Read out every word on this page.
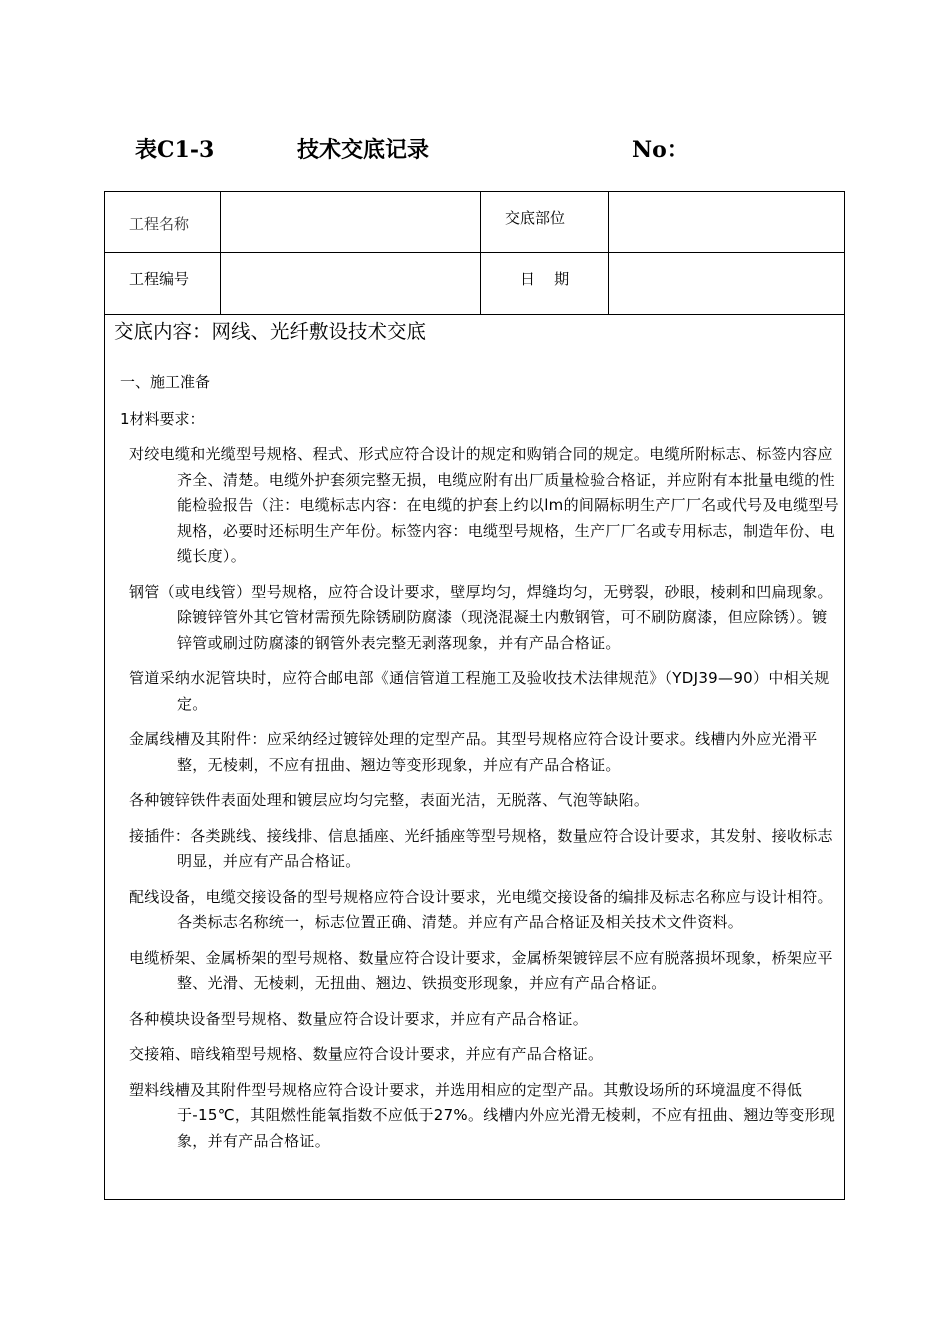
表C1-3	技术交底记录	No：
工程名称	交底部位
工程编号	日    期
交底内容：网线、光纤敷设技术交底
一、施工准备
1材料要求：

对绞电缆和光缆型号规格、程式、形式应符合设计的规定和购销合同的规定。电缆所附标志、标签内容应齐全、清楚。电缆外护套须完整无损，电缆应附有出厂质量检验合格证，并应附有本批量电缆的性能检验报告（注：电缆标志内容：在电缆的护套上约以lm的间隔标明生产厂厂名或代号及电缆型号规格，必要时还标明生产年份。标签内容：电缆型号规格，生产厂厂名或专用标志，制造年份、电缆长度）。

钢管（或电线管）型号规格，应符合设计要求，壁厚均匀，焊缝均匀，无劈裂，砂眼，棱刺和凹扁现象。除镀锌管外其它管材需预先除锈刷防腐漆（现浇混凝土内敷钢管，可不刷防腐漆，但应除锈）。镀锌管或刷过防腐漆的钢管外表完整无剥落现象，并有产品合格证。

管道采纳水泥管块时，应符合邮电部《通信管道工程施工及验收技术法律规范》（YDJ39—90）中相关规定。

金属线槽及其附件：应采纳经过镀锌处理的定型产品。其型号规格应符合设计要求。线槽内外应光滑平整，无棱刺，不应有扭曲、翘边等变形现象，并应有产品合格证。

各种镀锌铁件表面处理和镀层应均匀完整，表面光洁，无脱落、气泡等缺陷。

接插件：各类跳线、接线排、信息插座、光纤插座等型号规格，数量应符合设计要求，其发射、接收标志明显，并应有产品合格证。

配线设备，电缆交接设备的型号规格应符合设计要求，光电缆交接设备的编排及标志名称应与设计相符。各类标志名称统一，标志位置正确、清楚。并应有产品合格证及相关技术文件资料。

电缆桥架、金属桥架的型号规格、数量应符合设计要求，金属桥架镀锌层不应有脱落损坏现象，桥架应平整、光滑、无棱刺，无扭曲、翘边、铁损变形现象，并应有产品合格证。

各种模块设备型号规格、数量应符合设计要求，并应有产品合格证。

交接箱、暗线箱型号规格、数量应符合设计要求，并应有产品合格证。

塑料线槽及其附件型号规格应符合设计要求，并选用相应的定型产品。其敷设场所的环境温度不得低于-15℃，其阻燃性能氧指数不应低于27%。线槽内外应光滑无棱刺，不应有扭曲、翘边等变形现象，并有产品合格证。
